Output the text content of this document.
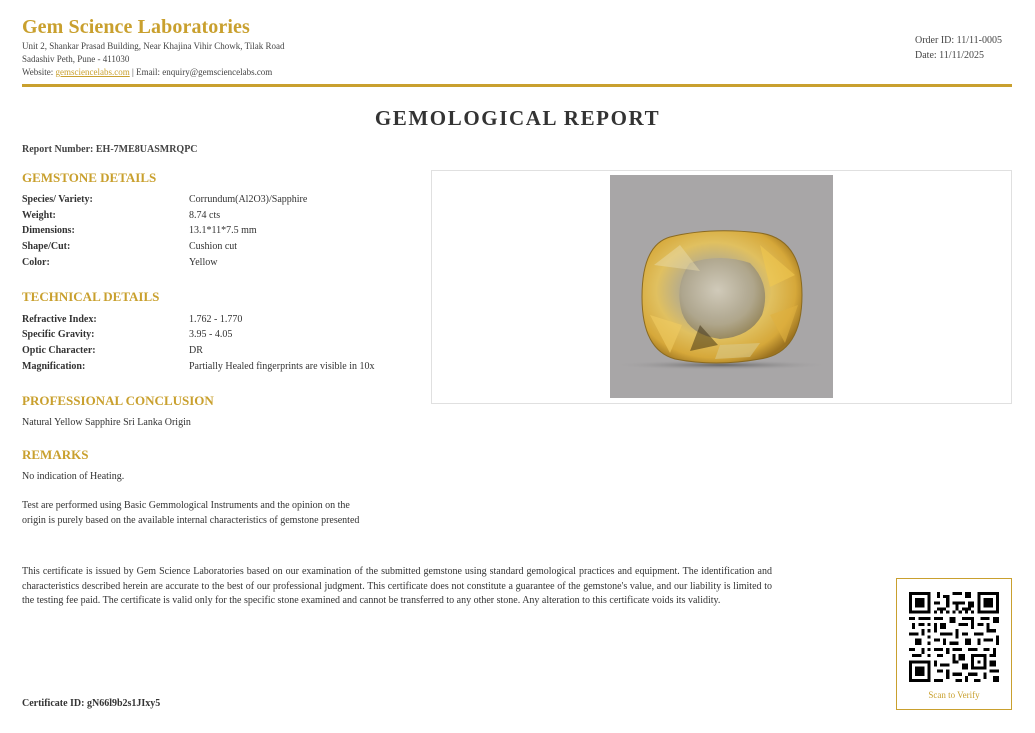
Gem Science Laboratories
Unit 2, Shankar Prasad Building, Near Khajina Vihir Chowk, Tilak Road
Sadashiv Peth, Pune - 411030
Website: gemsciencelabs.com | Email: enquiry@gemsciencelabs.com
Order ID: 11/11-0005
Date: 11/11/2025
GEMOLOGICAL REPORT
Report Number: EH-7ME8UASMRQPC
GEMSTONE DETAILS
Species/ Variety:	Corrundum(Al2O3)/Sapphire
Weight:	8.74 cts
Dimensions:	13.1*11*7.5 mm
Shape/Cut:	Cushion cut
Color:	Yellow
TECHNICAL DETAILS
Refractive Index:	1.762 - 1.770
Specific Gravity:	3.95 - 4.05
Optic Character:	DR
Magnification:	Partially Healed fingerprints are visible in 10x
PROFESSIONAL CONCLUSION
Natural Yellow Sapphire Sri Lanka Origin
REMARKS
No indication of Heating.
Test are performed using Basic Gemmological Instruments and the opinion on the
origin is purely based on the available internal characteristics of gemstone presented
This certificate is issued by Gem Science Laboratories based on our examination of the submitted gemstone using standard gemological practices and equipment. The identification and characteristics described herein are accurate to the best of our professional judgment. This certificate does not constitute a guarantee of the gemstone's value, and our liability is limited to the testing fee paid. The certificate is valid only for the specific stone examined and cannot be transferred to any other stone. Any alteration to this certificate voids its validity.
Certificate ID: gN66l9b2s1JIxy5
Scan to Verify
